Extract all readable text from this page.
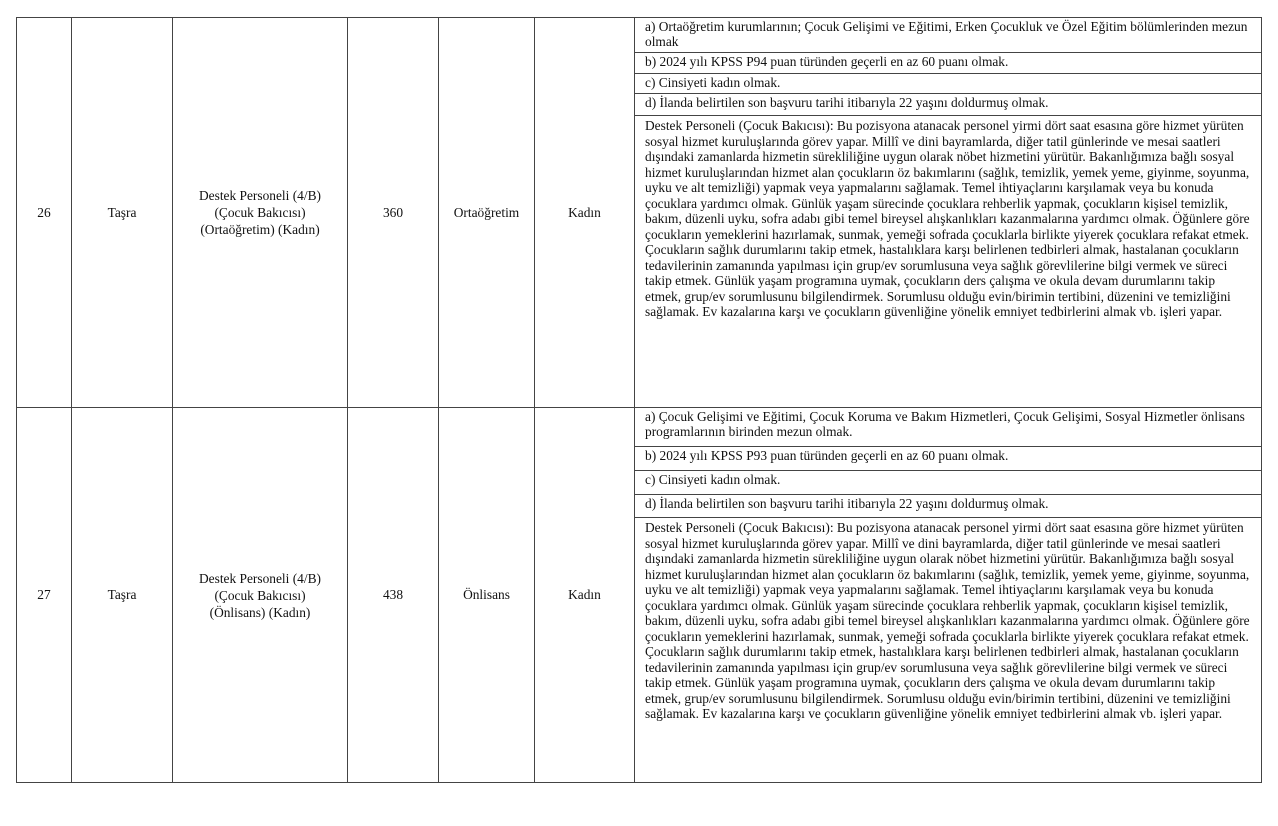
26	Taşra	Destek Personeli (4/B)
(Çocuk Bakıcısı)
(Ortaöğretim) (Kadın)	360	Ortaöğretim	Kadın	a) Ortaöğretim kurumlarının; Çocuk Gelişimi ve Eğitimi, Erken Çocukluk ve Özel Eğitim bölümlerinden mezun olmak
						b) 2024 yılı KPSS P94 puan türünden geçerli en az 60 puanı olmak.
						c) Cinsiyeti kadın olmak.
						d) İlanda belirtilen son başvuru tarihi itibarıyla 22 yaşını doldurmuş olmak.
						Destek Personeli (Çocuk Bakıcısı): Bu pozisyona atanacak personel yirmi dört saat esasına göre hizmet yürüten sosyal hizmet kuruluşlarında görev yapar. Millî ve dini bayramlarda, diğer tatil günlerinde ve mesai saatleri dışındaki zamanlarda hizmetin sürekliliğine uygun olarak nöbet hizmetini yürütür. Bakanlığımıza bağlı sosyal hizmet kuruluşlarından hizmet alan çocukların öz bakımlarını (sağlık, temizlik, yemek yeme, giyinme, soyunma, uyku ve alt temizliği) yapmak veya yapmalarını sağlamak. Temel ihtiyaçlarını karşılamak veya bu konuda çocuklara yardımcı olmak. Günlük yaşam sürecinde çocuklara rehberlik yapmak, çocukların kişisel temizlik, bakım, düzenli uyku, sofra adabı gibi temel bireysel alışkanlıkları kazanmalarına yardımcı olmak. Öğünlere göre çocukların yemeklerini hazırlamak, sunmak, yemeği sofrada çocuklarla birlikte yiyerek çocuklara refakat etmek. Çocukların sağlık durumlarını takip etmek, hastalıklara karşı belirlenen tedbirleri almak, hastalanan çocukların tedavilerinin zamanında yapılması için grup/ev sorumlusuna veya sağlık görevlilerine bilgi vermek ve süreci takip etmek. Günlük yaşam programına uymak, çocukların ders çalışma ve okula devam durumlarını takip etmek, grup/ev sorumlusunu bilgilendirmek. Sorumlusu olduğu evin/birimin tertibini, düzenini ve temizliğini sağlamak. Ev kazalarına karşı ve çocukların güvenliğine yönelik emniyet tedbirlerini almak vb. işleri yapar.
27	Taşra	Destek Personeli (4/B)
(Çocuk Bakıcısı)
(Önlisans) (Kadın)	438	Önlisans	Kadın	a) Çocuk Gelişimi ve Eğitimi, Çocuk Koruma ve Bakım Hizmetleri, Çocuk Gelişimi, Sosyal Hizmetler önlisans programlarının birinden mezun olmak.
						b) 2024 yılı KPSS P93 puan türünden geçerli en az 60 puanı olmak.
						c) Cinsiyeti kadın olmak.
						d) İlanda belirtilen son başvuru tarihi itibarıyla 22 yaşını doldurmuş olmak.
						Destek Personeli (Çocuk Bakıcısı): Bu pozisyona atanacak personel yirmi dört saat esasına göre hizmet yürüten sosyal hizmet kuruluşlarında görev yapar. Millî ve dini bayramlarda, diğer tatil günlerinde ve mesai saatleri dışındaki zamanlarda hizmetin sürekliliğine uygun olarak nöbet hizmetini yürütür. Bakanlığımıza bağlı sosyal hizmet kuruluşlarından hizmet alan çocukların öz bakımlarını (sağlık, temizlik, yemek yeme, giyinme, soyunma, uyku ve alt temizliği) yapmak veya yapmalarını sağlamak. Temel ihtiyaçlarını karşılamak veya bu konuda çocuklara yardımcı olmak. Günlük yaşam sürecinde çocuklara rehberlik yapmak, çocukların kişisel temizlik, bakım, düzenli uyku, sofra adabı gibi temel bireysel alışkanlıkları kazanmalarına yardımcı olmak. Öğünlere göre çocukların yemeklerini hazırlamak, sunmak, yemeği sofrada çocuklarla birlikte yiyerek çocuklara refakat etmek. Çocukların sağlık durumlarını takip etmek, hastalıklara karşı belirlenen tedbirleri almak, hastalanan çocukların tedavilerinin zamanında yapılması için grup/ev sorumlusuna veya sağlık görevlilerine bilgi vermek ve süreci takip etmek. Günlük yaşam programına uymak, çocukların ders çalışma ve okula devam durumlarını takip etmek, grup/ev sorumlusunu bilgilendirmek. Sorumlusu olduğu evin/birimin tertibini, düzenini ve temizliğini sağlamak. Ev kazalarına karşı ve çocukların güvenliğine yönelik emniyet tedbirlerini almak vb. işleri yapar.
